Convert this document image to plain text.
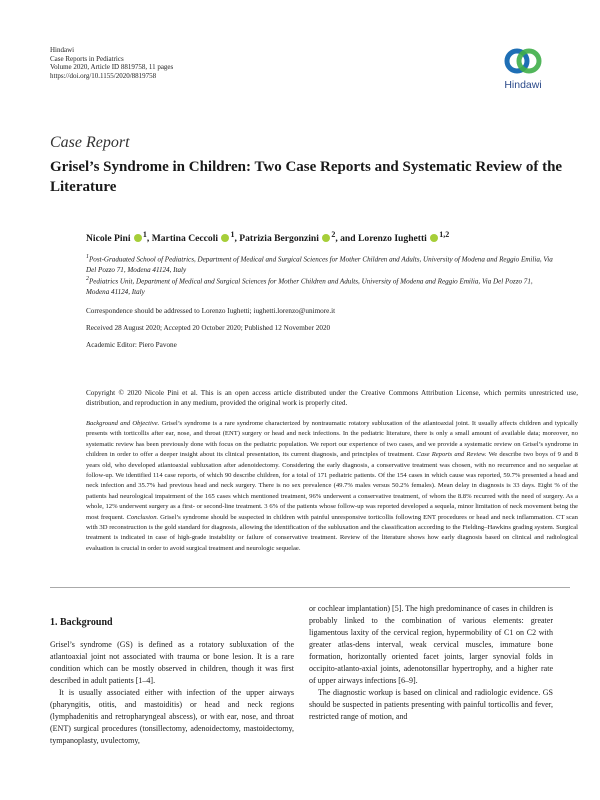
Hindawi
Case Reports in Pediatrics
Volume 2020, Article ID 8819758, 11 pages
https://doi.org/10.1155/2020/8819758
Hindawi
Case Report
Grisel’s Syndrome in Children: Two Case Reports and Systematic Review of the Literature
Nicole Pini $^1$, Martina Ceccoli $^1$, Patrizia Bergonzini $^2$, and Lorenzo Iughetti $^{1,2}$
$^1$Post-Graduated School of Pediatrics, Department of Medical and Surgical Sciences for Mother Children and Adults, University of Modena and Reggio Emilia, Via Del Pozzo 71, Modena 41124, Italy
$^2$Pediatrics Unit, Department of Medical and Surgical Sciences for Mother Children and Adults, University of Modena and Reggio Emilia, Via Del Pozzo 71, Modena 41124, Italy
Correspondence should be addressed to Lorenzo Iughetti; iughetti.lorenzo@unimore.it
Received 28 August 2020; Accepted 20 October 2020; Published 12 November 2020
Academic Editor: Piero Pavone
Copyright © 2020 Nicole Pini et al. This is an open access article distributed under the Creative Commons Attribution License, which permits unrestricted use, distribution, and reproduction in any medium, provided the original work is properly cited.
Background and Objective. Grisel’s syndrome is a rare syndrome characterized by nontraumatic rotatory subluxation of the atlantoaxial joint. It usually affects children and typically presents with torticollis after ear, nose, and throat (ENT) surgery or head and neck infections. In the pediatric literature, there is only a small amount of available data; moreover, no systematic review has been previously done with focus on the pediatric population. We report our experience of two cases, and we provide a systematic review on Grisel’s syndrome in children in order to offer a deeper insight about its clinical presentation, its current diagnosis, and principles of treatment. Case Reports and Review. We describe two boys of 9 and 8 years old, who developed atlantoaxial subluxation after adenoidectomy. Considering the early diagnosis, a conservative treatment was chosen, with no recurrence and no sequelae at follow-up. We identified 114 case reports, of which 90 describe children, for a total of 171 pediatric patients. Of the 154 cases in which cause was reported, 59.7% presented a head and neck infection and 35.7% had previous head and neck surgery. There is no sex prevalence (49.7% males versus 50.2% females). Mean delay in diagnosis is 33 days. Eight % of the patients had neurological impairment of the 165 cases which mentioned treatment, 96% underwent a conservative treatment, of whom the 8.8% recurred with the need of surgery. As a whole, 12% underwent surgery as a first- or second-line treatment. 3 6% of the patients whose follow-up was reported developed a sequela, minor limitation of neck movement being the most frequent. Conclusion. Grisel’s syndrome should be suspected in children with painful unresponsive torticollis following ENT procedures or head and neck inflammation. CT scan with 3D reconstruction is the gold standard for diagnosis, allowing the identification of the subluxation and the classification according to the Fielding–Hawkins grading system. Surgical treatment is indicated in case of high-grade instability or failure of conservative treatment. Review of the literature shows how early diagnosis based on clinical and radiological evaluation is crucial in order to avoid surgical treatment and neurologic sequelae.
1. Background

Grisel’s syndrome (GS) is defined as a rotatory subluxation of the atlantoaxial joint not associated with trauma or bone lesion. It is a rare condition which can be mostly observed in children, though it was first described in adult patients [1–4].

It is usually associated either with infection of the upper airways (pharyngitis, otitis, and mastoiditis) or head and neck regions (lymphadenitis and retropharyngeal abscess), or with ear, nose, and throat (ENT) surgical procedures (tonsillectomy, adenoidectomy, mastoidectomy, tympanoplasty, uvulectomy,

or cochlear implantation) [5]. The high predominance of cases in children is probably linked to the combination of various elements: greater ligamentous laxity of the cervical region, hypermobility of C1 on C2 with greater atlas-dens interval, weak cervical muscles, immature bone formation, horizontally oriented facet joints, larger synovial folds in occipito-atlanto-axial joints, adenotonsillar hypertrophy, and a higher rate of upper airways infections [6–9].

The diagnostic workup is based on clinical and radiologic evidence. GS should be suspected in patients presenting with painful torticollis and fever, restricted range of motion, and
